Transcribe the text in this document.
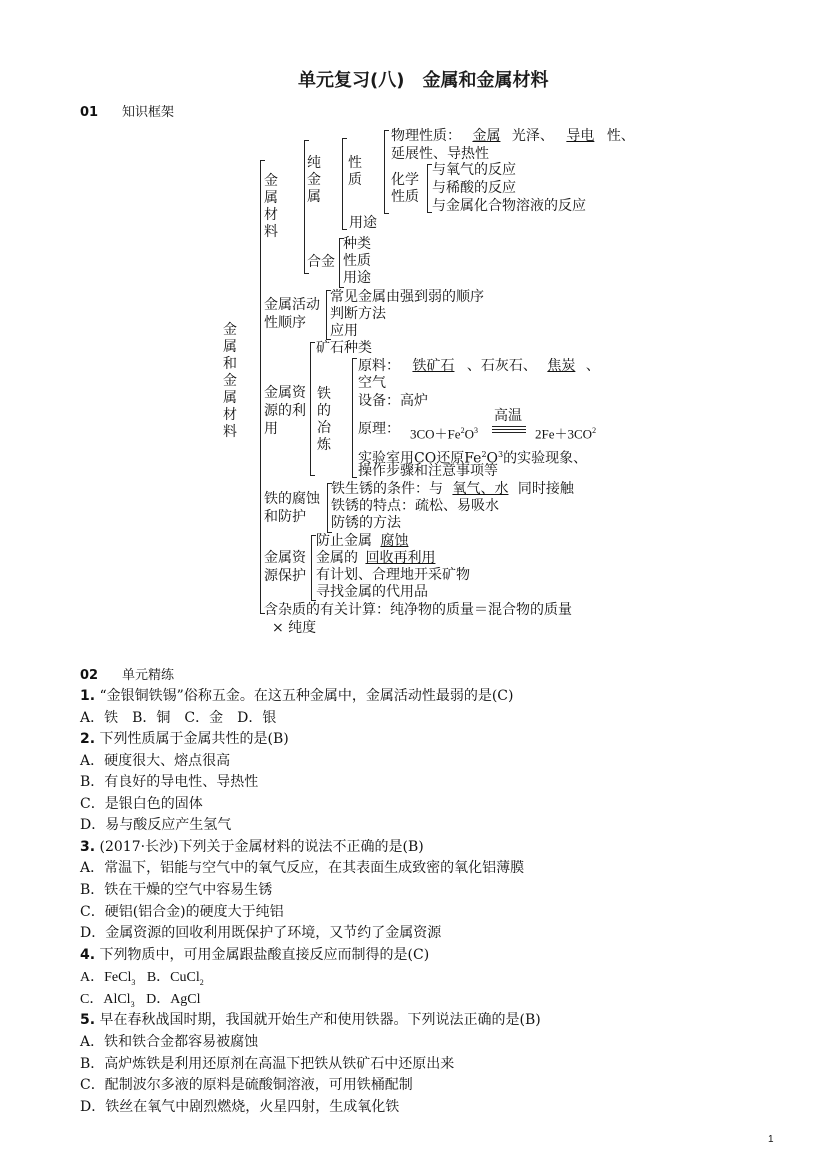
单元复习(八)　金属和金属材料
01 知识框架
金属和金属材料
金属材料
纯金属
性质
物理性质： 金属 光泽、 导电 性、
延展性、导热性
化学性质
与氧气的反应
与稀酸的反应
与金属化合物溶液的反应
用途
合金
种类
性质
用途
金属活动性顺序
常见金属由强到弱的顺序
判断方法
应用
金属资源的利用
矿石种类
铁的冶炼
原料： 铁矿石 、石灰石、 焦炭 、
空气
设备：高炉
原理： $3CO+Fe^2O^3$
高温
$2Fe+3CO^2$
实验室用CO还原$Fe^2O^3$的实验现象、
操作步骤和注意事项等
铁的腐蚀和防护
铁生锈的条件：与 氧气、水 同时接触
铁锈的特点：疏松、易吸水
防锈的方法
金属资源保护
防止金属 腐蚀
金属的 回收再利用
有计划、合理地开采矿物
寻找金属的代用品
含杂质的有关计算：纯净物的质量＝混合物的质量
× 纯度
02 单元精练
1. “金银铜铁锡”俗称五金。在这五种金属中，金属活动性最弱的是(C)
A．铁　B．铜　C．金　D．银
2. 下列性质属于金属共性的是(B)
A．硬度很大、熔点很高
B．有良好的导电性、导热性
C．是银白色的固体
D．易与酸反应产生氢气
3. (2017·长沙)下列关于金属材料的说法不正确的是(B)
A．常温下，铝能与空气中的氧气反应，在其表面生成致密的氧化铝薄膜
B．铁在干燥的空气中容易生锈
C．硬铝(铝合金)的硬度大于纯铝
D．金属资源的回收利用既保护了环境，又节约了金属资源
4. 下列物质中，可用金属跟盐酸直接反应而制得的是(C)
A．FeCl$_3$ B．CuCl$_2$
C．AlCl$_3$ D．AgCl
5. 早在春秋战国时期，我国就开始生产和使用铁器。下列说法正确的是(B)
A．铁和铁合金都容易被腐蚀
B．高炉炼铁是利用还原剂在高温下把铁从铁矿石中还原出来
C．配制波尔多液的原料是硫酸铜溶液，可用铁桶配制
D．铁丝在氧气中剧烈燃烧，火星四射，生成氧化铁
1
